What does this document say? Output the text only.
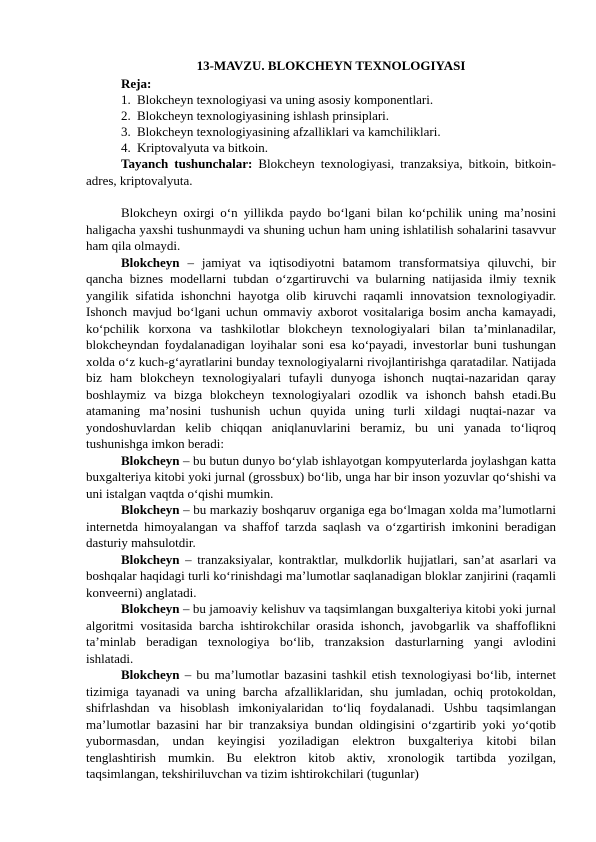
13-MAVZU. BLOKCHEYN TEXNOLOGIYASI
Reja:
1. Blokcheyn texnologiyasi va uning asosiy komponentlari.
2. Blokcheyn texnologiyasining ishlash prinsiplari.
3. Blokcheyn texnologiyasining afzalliklari va kamchiliklari.
4. Kriptovalyuta va bitkoin.

Tayanch tushunchalar: Blokcheyn texnologiyasi, tranzaksiya, bitkoin, bitkoin-adres, kriptovalyuta.

Blokcheyn oxirgi o‘n yillikda paydo bo‘lgani bilan ko‘pchilik uning ma’nosini haligacha yaxshi tushunmaydi va shuning uchun ham uning ishlatilish sohalarini tasavvur ham qila olmaydi.

Blokcheyn – jamiyat va iqtisodiyotni batamom transformatsiya qiluvchi, bir qancha biznes modellarni tubdan o‘zgartiruvchi va bularning natijasida ilmiy texnik yangilik sifatida ishonchni hayotga olib kiruvchi raqamli innovatsion texnologiyadir. Ishonch mavjud bo‘lgani uchun ommaviy axborot vositalariga bosim ancha kamayadi, ko‘pchilik korxona va tashkilotlar blokcheyn texnologiyalari bilan ta’minlanadilar, blokcheyndan foydalanadigan loyihalar soni esa ko‘payadi, investorlar buni tushungan xolda o‘z kuch-g‘ayratlarini bunday texnologiyalarni rivojlantirishga qaratadilar. Natijada biz ham blokcheyn texnologiyalari tufayli dunyoga ishonch nuqtai-nazaridan qaray boshlaymiz va bizga blokcheyn texnologiyalari ozodlik va ishonch bahsh etadi.Bu atamaning ma’nosini tushunish uchun quyida uning turli xildagi nuqtai-nazar va yondoshuvlardan kelib chiqqan aniqlanuvlarini beramiz, bu uni yanada to‘liqroq tushunishga imkon beradi:

Blokcheyn – bu butun dunyo bo‘ylab ishlayotgan kompyuterlarda joylashgan katta buxgalteriya kitobi yoki jurnal (grossbux) bo‘lib, unga har bir inson yozuvlar qo‘shishi va uni istalgan vaqtda o‘qishi mumkin.

Blokcheyn – bu markaziy boshqaruv organiga ega bo‘lmagan xolda ma’lumotlarni internetda himoyalangan va shaffof tarzda saqlash va o‘zgartirish imkonini beradigan dasturiy mahsulotdir.

Blokcheyn – tranzaksiyalar, kontraktlar, mulkdorlik hujjatlari, san’at asarlari va boshqalar haqidagi turli ko‘rinishdagi ma’lumotlar saqlanadigan bloklar zanjirini (raqamli konveerni) anglatadi.

Blokcheyn – bu jamoaviy kelishuv va taqsimlangan buxgalteriya kitobi yoki jurnal algoritmi vositasida barcha ishtirokchilar orasida ishonch, javobgarlik va shaffoflikni ta’minlab beradigan texnologiya bo‘lib, tranzaksion dasturlarning yangi avlodini ishlatadi.

Blokcheyn – bu ma’lumotlar bazasini tashkil etish texnologiyasi bo‘lib, internet tizimiga tayanadi va uning barcha afzalliklaridan, shu jumladan, ochiq protokoldan, shifrlashdan va hisoblash imkoniyalaridan to‘liq foydalanadi. Ushbu taqsimlangan ma’lumotlar bazasini har bir tranzaksiya bundan oldingisini o‘zgartirib yoki yo‘qotib yubormasdan, undan keyingisi yoziladigan elektron buxgalteriya kitobi bilan tenglashtirish mumkin. Bu elektron kitob aktiv, xronologik tartibda yozilgan, taqsimlangan, tekshiriluvchan va tizim ishtirokchilari (tugunlar)
